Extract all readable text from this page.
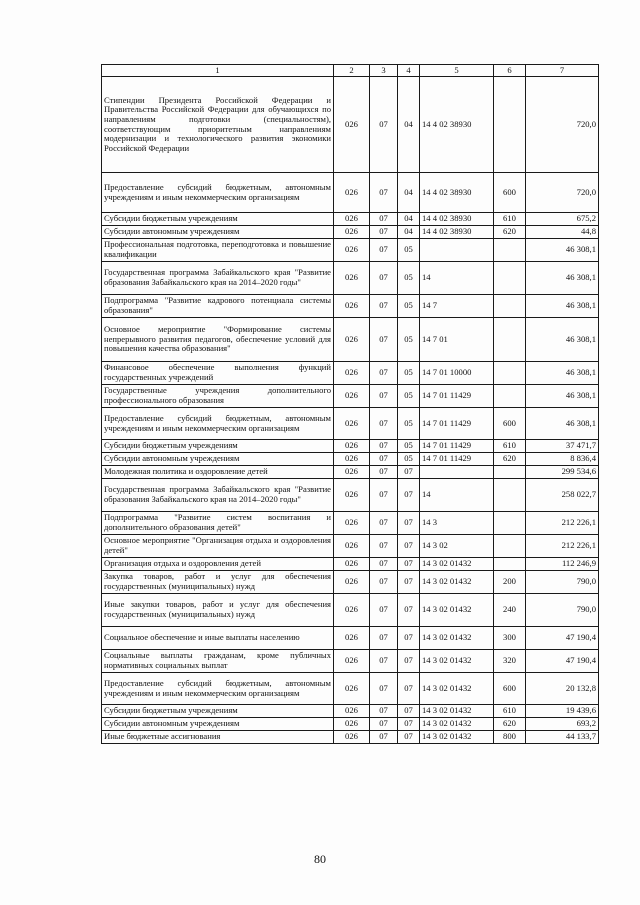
1	2	3	4	5	6	7
Стипендии Президента Российской Федерации и Правительства Российской Федерации для обучающихся по направлениям подготовки (специальностям), соответствующим приоритетным направлениям модернизации и технологического развития экономики Российской Федерации	026	07	04	14 4 02 38930		720,0
Предоставление субсидий бюджетным, автономным учреждениям и иным некоммерческим организациям	026	07	04	14 4 02 38930	600	720,0
Субсидии бюджетным учреждениям	026	07	04	14 4 02 38930	610	675,2
Субсидии автономным учреждениям	026	07	04	14 4 02 38930	620	44,8
Профессиональная подготовка, переподготовка и повышение квалификации	026	07	05			46 308,1
Государственная программа Забайкальского края "Развитие образования Забайкальского края на 2014–2020 годы"	026	07	05	14		46 308,1
Подпрограмма "Развитие кадрового потенциала системы образования"	026	07	05	14 7		46 308,1
Основное мероприятие "Формирование системы непрерывного развития педагогов, обеспечение условий для повышения качества образования"	026	07	05	14 7 01		46 308,1
Финансовое обеспечение выполнения функций государственных учреждений	026	07	05	14 7 01 10000		46 308,1
Государственные учреждения дополнительного профессионального образования	026	07	05	14 7 01 11429		46 308,1
Предоставление субсидий бюджетным, автономным учреждениям и иным некоммерческим организациям	026	07	05	14 7 01 11429	600	46 308,1
Субсидии бюджетным учреждениям	026	07	05	14 7 01 11429	610	37 471,7
Субсидии автономным учреждениям	026	07	05	14 7 01 11429	620	8 836,4
Молодежная политика и оздоровление детей	026	07	07			299 534,6
Государственная программа Забайкальского края "Развитие образования Забайкальского края на 2014–2020 годы"	026	07	07	14		258 022,7
Подпрограмма "Развитие систем воспитания и дополнительного образования детей"	026	07	07	14 3		212 226,1
Основное мероприятие "Организация отдыха и оздоровления детей"	026	07	07	14 3 02		212 226,1
Организация отдыха и оздоровления детей	026	07	07	14 3 02 01432		112 246,9
Закупка товаров, работ и услуг для обеспечения государственных (муниципальных) нужд	026	07	07	14 3 02 01432	200	790,0
Иные закупки товаров, работ и услуг для обеспечения государственных (муниципальных) нужд	026	07	07	14 3 02 01432	240	790,0
Социальное обеспечение и иные выплаты населению	026	07	07	14 3 02 01432	300	47 190,4
Социальные выплаты гражданам, кроме публичных нормативных социальных выплат	026	07	07	14 3 02 01432	320	47 190,4
Предоставление субсидий бюджетным, автономным учреждениям и иным некоммерческим организациям	026	07	07	14 3 02 01432	600	20 132,8
Субсидии бюджетным учреждениям	026	07	07	14 3 02 01432	610	19 439,6
Субсидии автономным учреждениям	026	07	07	14 3 02 01432	620	693,2
Иные бюджетные ассигнования	026	07	07	14 3 02 01432	800	44 133,7
80
